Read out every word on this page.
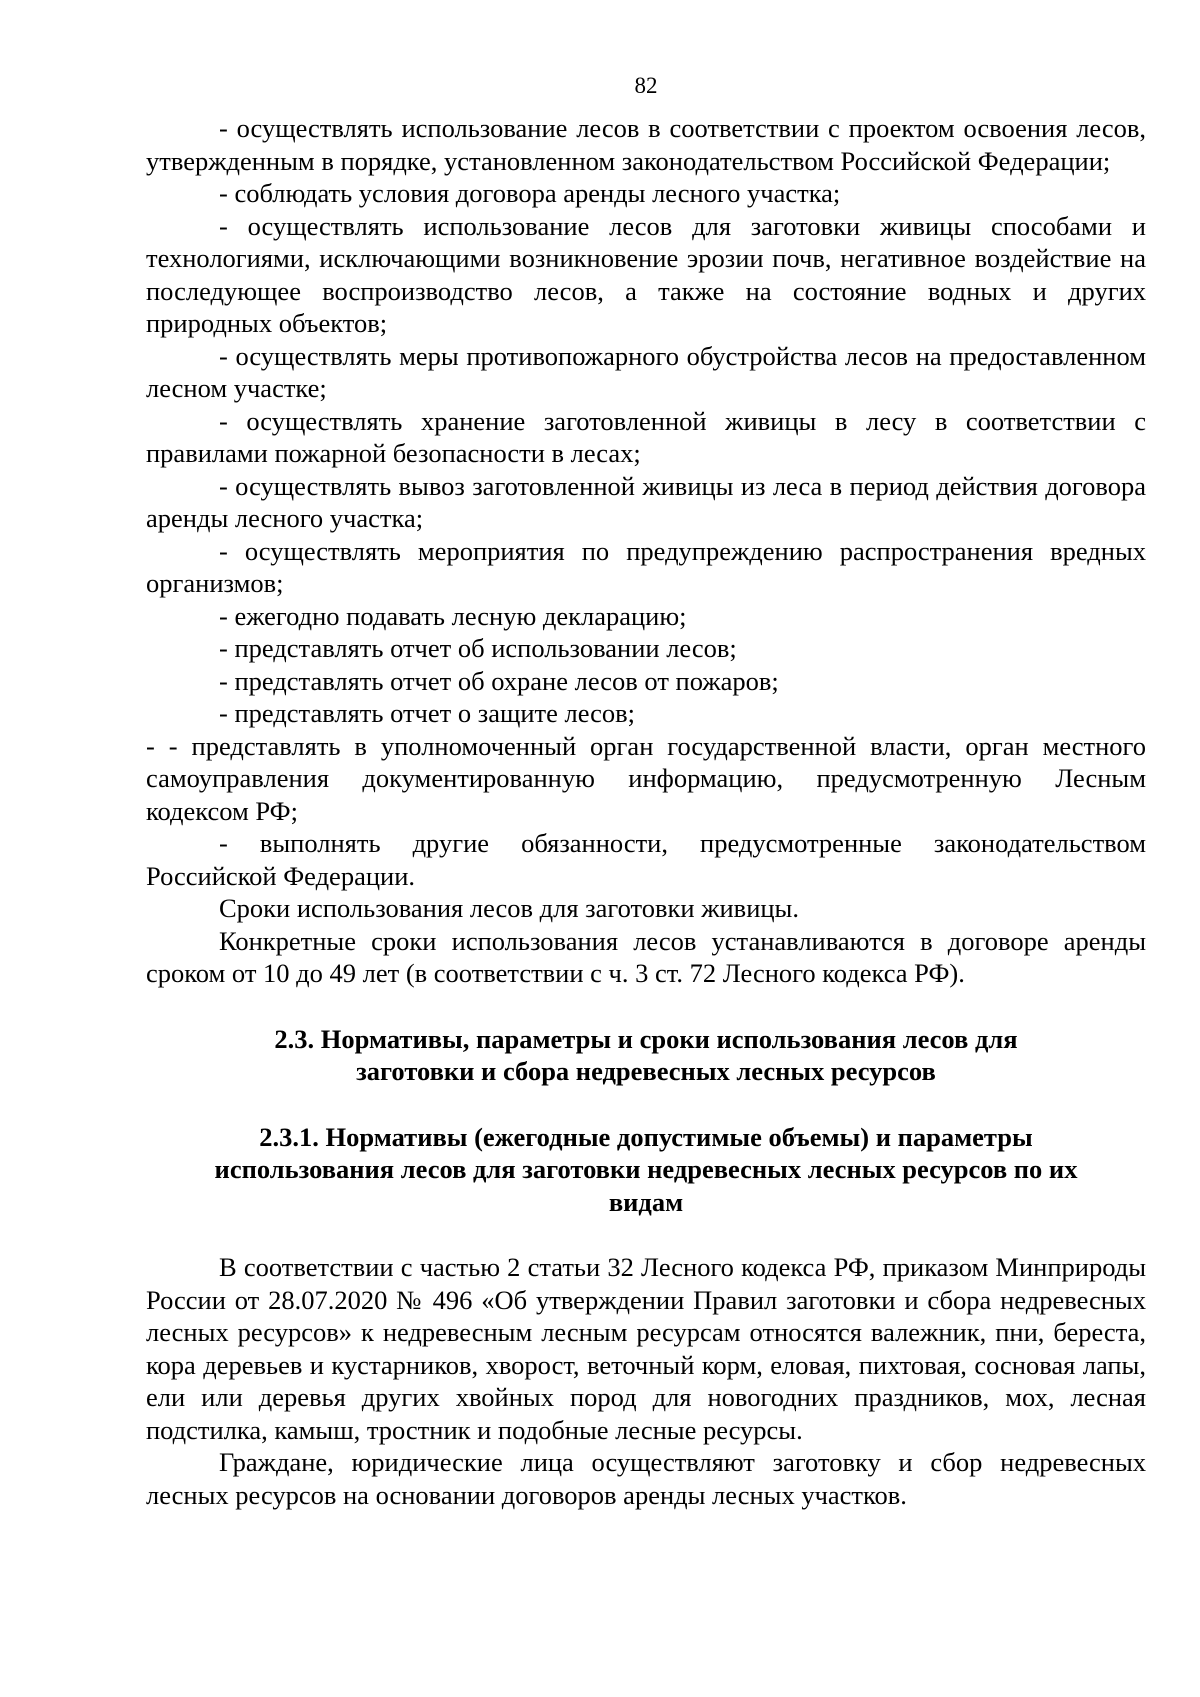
82

- осуществлять использование лесов в соответствии с проектом освоения лесов, утвержденным в порядке, установленном законодательством Российской Федерации;

- соблюдать условия договора аренды лесного участка;

- осуществлять использование лесов для заготовки живицы способами и технологиями, исключающими возникновение эрозии почв, негативное воздействие на последующее воспроизводство лесов, а также на состояние водных и других природных объектов;

- осуществлять меры противопожарного обустройства лесов на предоставленном лесном участке;

- осуществлять хранение заготовленной живицы в лесу в соответствии с правилами пожарной безопасности в лесах;

- осуществлять вывоз заготовленной живицы из леса в период действия договора аренды лесного участка;

- осуществлять мероприятия по предупреждению распространения вредных организмов;

- ежегодно подавать лесную декларацию;

- представлять отчет об использовании лесов;

- представлять отчет об охране лесов от пожаров;

- представлять отчет о защите лесов;

- - представлять в уполномоченный орган государственной власти, орган местного самоуправления документированную информацию, предусмотренную Лесным кодексом РФ;

- выполнять другие обязанности, предусмотренные законодательством Российской Федерации.

Сроки использования лесов для заготовки живицы.

Конкретные сроки использования лесов устанавливаются в договоре аренды сроком от 10 до 49 лет (в соответствии с ч. 3 ст. 72 Лесного кодекса РФ).

2.3. Нормативы, параметры и сроки использования лесов для
заготовки и сбора недревесных лесных ресурсов
2.3.1. Нормативы (ежегодные допустимые объемы) и параметры
использования лесов для заготовки недревесных лесных ресурсов по их
видам

В соответствии с частью 2 статьи 32 Лесного кодекса РФ, приказом Минприроды России от 28.07.2020 № 496 «Об утверждении Правил заготовки и сбора недревесных лесных ресурсов» к недревесным лесным ресурсам относятся валежник, пни, береста, кора деревьев и кустарников, хворост, веточный корм, еловая, пихтовая, сосновая лапы, ели или деревья других хвойных пород для новогодних праздников, мох, лесная подстилка, камыш, тростник и подобные лесные ресурсы.

Граждане, юридические лица осуществляют заготовку и сбор недревесных лесных ресурсов на основании договоров аренды лесных участков.
